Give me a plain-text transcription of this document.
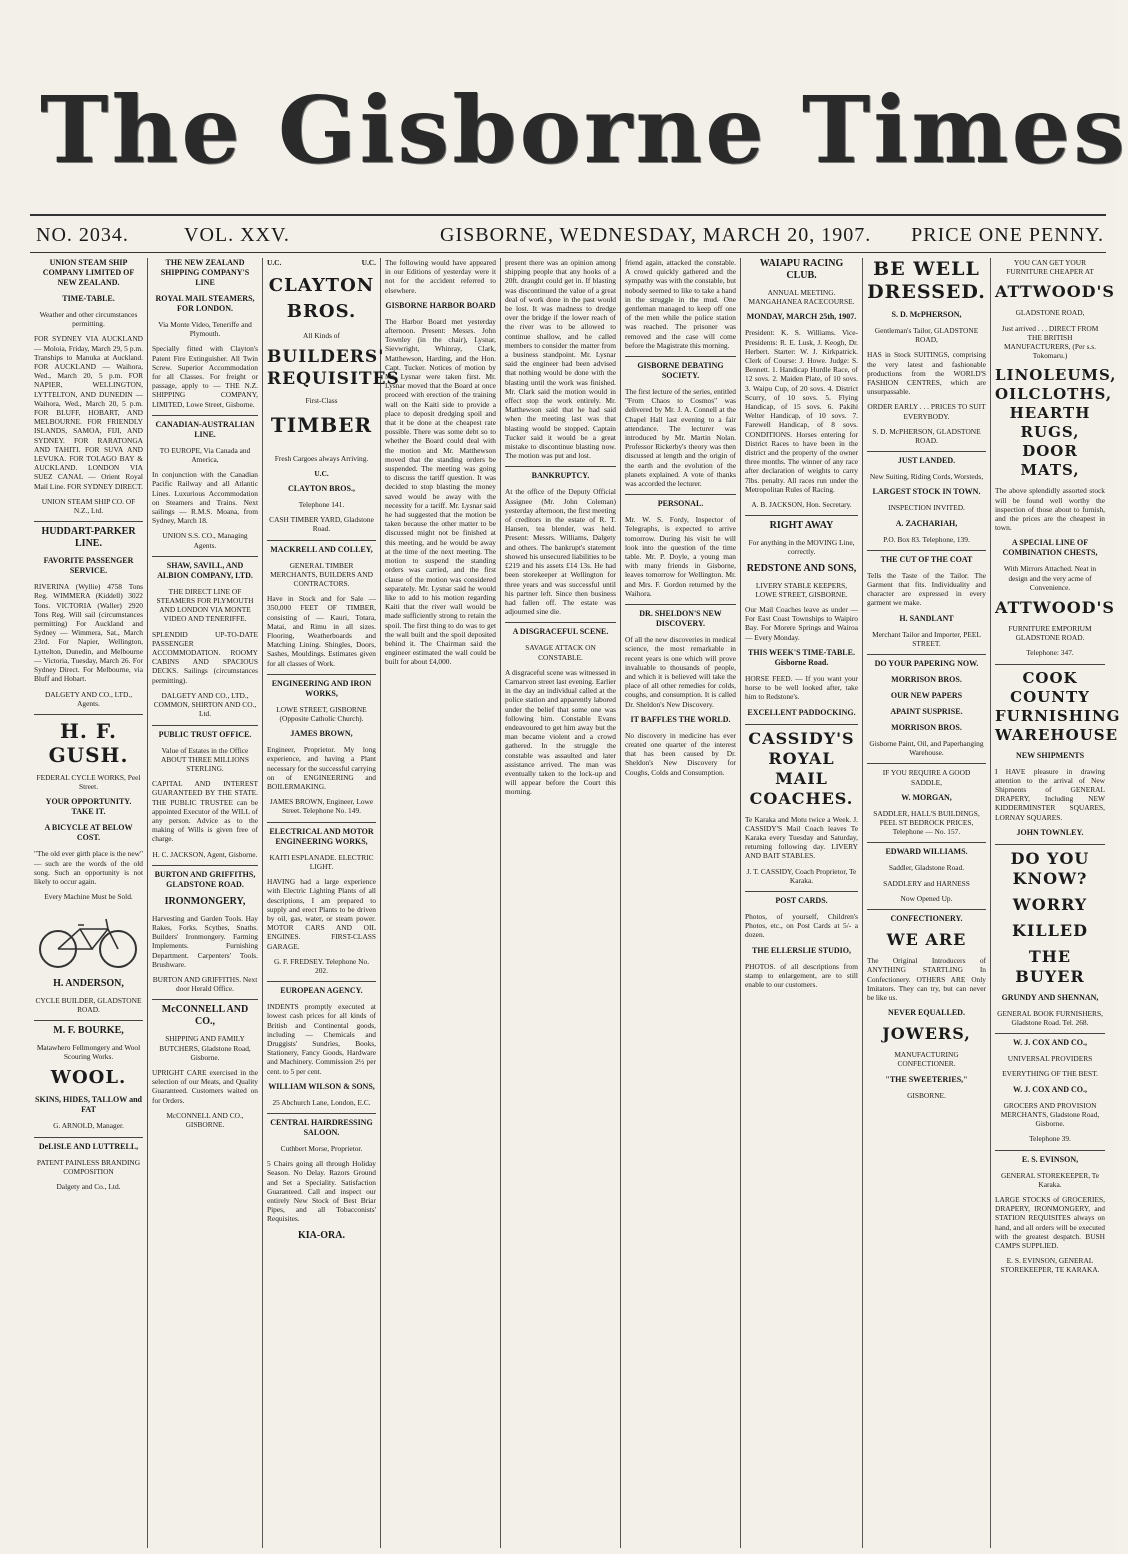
The Gisborne Times
NO. 2034.	VOL. XXV.	GISBORNE, WEDNESDAY, MARCH 20, 1907. PRICE ONE PENNY.
UNION STEAM SHIP COMPANY LIMITED OF NEW ZEALAND.
TIME-TABLE.
Weather and other circumstances permitting.
FOR SYDNEY VIA AUCKLAND — Moloia, Friday, March 29, 5 p.m. Tranships to Manuka at Auckland. FOR AUCKLAND — Waihora, Wed., March 20, 5 p.m. FOR NAPIER, WELLINGTON, LYTTELTON, AND DUNEDIN — Waihora, Wed., March 20, 5 p.m. FOR BLUFF, HOBART, AND MELBOURNE. FOR FRIENDLY ISLANDS, SAMOA, FIJI, AND SYDNEY. FOR RARATONGA AND TAHITI. FOR SUVA AND LEVUKA. FOR TOLAGO BAY & AUCKLAND. LONDON VIA SUEZ CANAL — Orient Royal Mail Line. FOR SYDNEY DIRECT.
UNION STEAM SHIP CO. OF N.Z., Ltd.
HUDDART-PARKER LINE.
FAVORITE PASSENGER SERVICE.
RIVERINA (Wyllie) 4758 Tons Reg. WIMMERA (Kiddell) 3022 Tons. VICTORIA (Waller) 2920 Tons Reg. Will sail (circumstances permitting) For Auckland and Sydney — Wimmera, Sat., March 23rd. For Napier, Wellington, Lyttelton, Dunedin, and Melbourne — Victoria, Tuesday, March 26. For Sydney Direct. For Melbourne, via Bluff and Hobart.
DALGETY AND CO., LTD., Agents.
H. F. GUSH.
FEDERAL CYCLE WORKS, Peel Street.
YOUR OPPORTUNITY. TAKE IT.
A BICYCLE AT BELOW COST.
"The old ever girth place is the new" — such are the words of the old song. Such an opportunity is not likely to occur again.
Every Machine Must be Sold.
H. ANDERSON,
CYCLE BUILDER, GLADSTONE ROAD.
M. F. BOURKE,
Matawhero Fellmongery and Wool Scouring Works.
WOOL.
SKINS, HIDES, TALLOW and FAT
G. ARNOLD, Manager.
DeLISLE AND LUTTRELL,
PATENT PAINLESS BRANDING COMPOSITION
Dalgety and Co., Ltd.
THE NEW ZEALAND SHIPPING COMPANY'S LINE
ROYAL MAIL STEAMERS, FOR LONDON.
Via Monte Video, Teneriffe and Plymouth.
Specially fitted with Clayton's Patent Fire Extinguisher. All Twin Screw. Superior Accommodation for all Classes. For freight or passage, apply to — THE N.Z. SHIPPING COMPANY, LIMITED, Lowe Street, Gisborne.
CANADIAN-AUSTRALIAN LINE.
TO EUROPE, Via Canada and America,
In conjunction with the Canadian Pacific Railway and all Atlantic Lines. Luxurious Accommodation on Steamers and Trains. Next sailings — R.M.S. Moana, from Sydney, March 18.
UNION S.S. CO., Managing Agents.
SHAW, SAVILL, AND ALBION COMPANY, LTD.
THE DIRECT LINE OF STEAMERS FOR PLYMOUTH AND LONDON VIA MONTE VIDEO AND TENERIFFE.
SPLENDID UP-TO-DATE PASSENGER ACCOMMODATION. ROOMY CABINS AND SPACIOUS DECKS. Sailings (circumstances permitting).
DALGETY AND CO., LTD., COMMON, SHIRTON AND CO., Ltd.
PUBLIC TRUST OFFICE.
Value of Estates in the Office ABOUT THREE MILLIONS STERLING.
CAPITAL AND INTEREST GUARANTEED BY THE STATE. THE PUBLIC TRUSTEE can be appointed Executor of the WILL of any person. Advice as to the making of Wills is given free of charge.
H. C. JACKSON, Agent, Gisborne.
BURTON AND GRIFFITHS, GLADSTONE ROAD.
IRONMONGERY,
Harvesting and Garden Tools. Hay Rakes, Forks. Scythes, Snaths. Builders' Ironmongery. Farming Implements. Furnishing Department. Carpenters' Tools. Brushware.
BURTON AND GRIFFITHS. Next door Herald Office.
McCONNELL AND CO.,
SHIPPING AND FAMILY BUTCHERS, Gladstone Road, Gisborne.
UPRIGHT CARE exercised in the selection of our Meats, and Quality Guaranteed. Customers waited on for Orders.
McCONNELL AND CO., GISBORNE.
U.C.	U.C.
CLAYTON BROS.
All Kinds of
BUILDERS' REQUISITES
First-Class
TIMBER
Fresh Cargoes always Arriving.
U.C.
CLAYTON BROS.,
Telephone 141.
CASH TIMBER YARD, Gladstone Road.
MACKRELL AND COLLEY,
GENERAL TIMBER MERCHANTS, BUILDERS AND CONTRACTORS.
Have in Stock and for Sale — 350,000 FEET OF TIMBER, consisting of — Kauri, Totara, Matai, and Rimu in all sizes. Flooring, Weatherboards and Matching Lining. Shingles, Doors, Sashes, Mouldings. Estimates given for all classes of Work.
ENGINEERING AND IRON WORKS,
LOWE STREET, GISBORNE (Opposite Catholic Church).
JAMES BROWN,
Engineer, Proprietor. My long experience, and having a Plant necessary for the successful carrying on of ENGINEERING and BOILERMAKING.
JAMES BROWN, Engineer, Lowe Street. Telephone No. 149.
ELECTRICAL AND MOTOR ENGINEERING WORKS,
KAITI ESPLANADE. ELECTRIC LIGHT.
HAVING had a large experience with Electric Lighting Plants of all descriptions, I am prepared to supply and erect Plants to be driven by oil, gas, water, or steam power. MOTOR CARS AND OIL ENGINES. FIRST-CLASS GARAGE.
G. F. FREDSEY. Telephone No. 202.
EUROPEAN AGENCY.
INDENTS promptly executed at lowest cash prices for all kinds of British and Continental goods, including — Chemicals and Druggists' Sundries, Books, Stationery, Fancy Goods, Hardware and Machinery. Commission 2½ per cent. to 5 per cent.
WILLIAM WILSON & SONS,
25 Abchurch Lane, London, E.C.
CENTRAL HAIRDRESSING SALOON.
Cuthbert Morse, Proprietor.
5 Chairs going all through Holiday Season. No Delay. Razors Ground and Set a Speciality. Satisfaction Guaranteed. Call and inspect our entirely New Stock of Best Briar Pipes, and all Tobacconists' Requisites.
KIA-ORA.
The following would have appeared in our Editions of yesterday were it not for the accident referred to elsewhere.
GISBORNE HARBOR BOARD
The Harbor Board met yesterday afternoon. Present: Messrs. John Townley (in the chair), Lysnar, Sievwright, Whinray, Clark, Matthewson, Harding, and the Hon. Capt. Tucker. Notices of motion by Mr. Lysnar were taken first. Mr. Lysnar moved that the Board at once proceed with erection of the training wall on the Kaiti side to provide a place to deposit dredging spoil and that it be done at the cheapest rate possible. There was some debt so to whether the Board could deal with the motion and Mr. Matthewson moved that the standing orders be suspended. The meeting was going to discuss the tariff question. It was decided to stop blasting the money saved would be away with the necessity for a tariff. Mr. Lysnar said he had suggested that the motion be taken because the other matter to be discussed might not be finished at this meeting, and he would be away at the time of the next meeting. The motion to suspend the standing orders was carried, and the first clause of the motion was considered separately. Mr. Lysnar said he would like to add to his motion regarding Kaiti that the river wall would be made sufficiently strong to retain the spoil. The first thing to do was to get the wall built and the spoil deposited behind it. The Chairman said the engineer estimated the wall could be built for about £4,000.
present there was an opinion among shipping people that any hooks of a 20ft. draught could get in. If blasting was discontinued the value of a great deal of work done in the past would be lost. It was madness to dredge over the bridge if the lower reach of the river was to be allowed to continue shallow, and he called members to consider the matter from a business standpoint. Mr. Lysnar said the engineer had been advised that nothing would be done with the blasting until the work was finished. Mr. Clark said the motion would in effect stop the work entirely. Mr. Matthewson said that he had said when the meeting last was that blasting would be stopped. Captain Tucker said it would be a great mistake to discontinue blasting now. The motion was put and lost.
BANKRUPTCY.
At the office of the Deputy Official Assignee (Mr. John Coleman) yesterday afternoon, the first meeting of creditors in the estate of R. T. Hansen, tea blender, was held. Present: Messrs. Williams, Dalgety and others. The bankrupt's statement showed his unsecured liabilities to be £219 and his assets £14 13s. He had been storekeeper at Wellington for three years and was successful until his partner left. Since then business had fallen off. The estate was adjourned sine die.
A DISGRACEFUL SCENE.
SAVAGE ATTACK ON CONSTABLE.
A disgraceful scene was witnessed in Carnarvon street last evening. Earlier in the day an individual called at the police station and apparently labored under the belief that some one was following him. Constable Evans endeavoured to get him away but the man became violent and a crowd gathered. In the struggle the constable was assaulted and later assistance arrived. The man was eventually taken to the lock-up and will appear before the Court this morning.
friend again, attacked the constable. A crowd quickly gathered and the sympathy was with the constable, but nobody seemed to like to take a hand in the struggle in the mud. One gentleman managed to keep off one of the men while the police station was reached. The prisoner was removed and the case will come before the Magistrate this morning.
GISBORNE DEBATING SOCIETY.
The first lecture of the series, entitled "From Chaos to Cosmos" was delivered by Mr. J. A. Connell at the Chapel Hall last evening to a fair attendance. The lecturer was introduced by Mr. Martin Nolan. Professor Rickerby's theory was then discussed at length and the origin of the earth and the evolution of the planets explained. A vote of thanks was accorded the lecturer.
PERSONAL.
Mr. W. S. Fordy, Inspector of Telegraphs, is expected to arrive tomorrow. During his visit he will look into the question of the time table. Mr. P. Doyle, a young man with many friends in Gisborne, leaves tomorrow for Wellington. Mr. and Mrs. F. Gordon returned by the Waihora.
DR. SHELDON'S NEW DISCOVERY.
Of all the new discoveries in medical science, the most remarkable in recent years is one which will prove invaluable to thousands of people, and which it is believed will take the place of all other remedies for colds, coughs, and consumption. It is called Dr. Sheldon's New Discovery.
IT BAFFLES THE WORLD.
No discovery in medicine has ever created one quarter of the interest that has been caused by Dr. Sheldon's New Discovery for Coughs, Colds and Consumption.
WAIAPU RACING CLUB.
ANNUAL MEETING. MANGAHANEA RACECOURSE.
MONDAY, MARCH 25th, 1907.
President: K. S. Williams. Vice-Presidents: R. E. Lusk, J. Keogh, Dr. Herbert. Starter: W. J. Kirkpatrick. Clerk of Course: J. Howe. Judge: S. Bennett. 1. Handicap Hurdle Race, of 12 sovs. 2. Maiden Plate, of 10 sovs. 3. Waipu Cup, of 20 sovs. 4. District Scurry, of 10 sovs. 5. Flying Handicap, of 15 sovs. 6. Pakihi Welter Handicap, of 10 sovs. 7. Farewell Handicap, of 8 sovs. CONDITIONS. Horses entering for District Races to have been in the district and the property of the owner three months. The winner of any race after declaration of weights to carry 7lbs. penalty. All races run under the Metropolitan Rules of Racing.
A. B. JACKSON, Hon. Secretary.
RIGHT AWAY
For anything in the MOVING Line, correctly.
REDSTONE AND SONS,
LIVERY STABLE KEEPERS, LOWE STREET, GISBORNE.
Our Mail Coaches leave as under — For East Coast Townships to Waipiro Bay. For Morere Springs and Wairoa — Every Monday.
THIS WEEK'S TIME-TABLE. Gisborne Road.
HORSE FEED. — If you want your horse to be well looked after, take him to Redstone's.
EXCELLENT PADDOCKING.
CASSIDY'S ROYAL MAIL COACHES.
Te Karaka and Motu twice a Week. J. CASSIDY'S Mail Coach leaves Te Karaka every Tuesday and Saturday, returning following day. LIVERY AND BAIT STABLES.
J. T. CASSIDY, Coach Proprietor, Te Karaka.
POST CARDS.
Photos, of yourself, Children's Photos, etc., on Post Cards at 5/- a dozen.
THE ELLERSLIE STUDIO,
PHOTOS. of all descriptions from stamp to enlargement, are to still enable to our customers.
BE WELL DRESSED.
S. D. McPHERSON,
Gentleman's Tailor, GLADSTONE ROAD,
HAS in Stock SUITINGS, comprising the very latest and fashionable productions from the WORLD'S FASHION CENTRES, which are unsurpassable.
ORDER EARLY . . . PRICES TO SUIT EVERYBODY.
S. D. McPHERSON, GLADSTONE ROAD.
JUST LANDED.
New Suiting, Riding Cords, Worsteds,
LARGEST STOCK IN TOWN.
INSPECTION INVITED.
A. ZACHARIAH,
P.O. Box 83. Telephone, 139.
THE CUT OF THE COAT
Tells the Taste of the Tailor. The Garment that fits. Individuality and character are expressed in every garment we make.
H. SANDLANT
Merchant Tailor and Importer, PEEL STREET.
DO YOUR PAPERING NOW.
MORRISON BROS.
OUR NEW PAPERS
APAINT SUSPRISE.
MORRISON BROS.
Gisborne Paint, Oil, and Paperhanging Warehouse.
IF YOU REQUIRE A GOOD SADDLE,
W. MORGAN,
SADDLER, HALL'S BUILDINGS, PEEL ST BEDROCK PRICES, Telephone — No. 157.
EDWARD WILLIAMS.
Saddler, Gladstone Road.
SADDLERY and HARNESS
Now Opened Up.
CONFECTIONERY.
WE ARE
The Original Introducers of ANYTHING STARTLING In Confectionery. OTHERS ARE Only Imitators. They can try, but can never be like us.
NEVER EQUALLED.
JOWERS,
MANUFACTURING CONFECTIONER.
"THE SWEETERIES,"
GISBORNE.
YOU CAN GET YOUR FURNITURE CHEAPER AT
ATTWOOD'S
GLADSTONE ROAD,
Just arrived . . . DIRECT FROM THE BRITISH MANUFACTURERS, (Per s.s. Tokomaru.)
LINOLEUMS, OILCLOTHS, HEARTH RUGS, DOOR MATS,
The above splendidly assorted stock will be found well worthy the inspection of those about to furnish, and the prices are the cheapest in town.
A SPECIAL LINE OF COMBINATION CHESTS,
With Mirrors Attached. Neat in design and the very acme of Convenience.
ATTWOOD'S
FURNITURE EMPORIUM GLADSTONE ROAD.
Telephone: 347.
COOK COUNTY FURNISHING WAREHOUSE
NEW SHIPMENTS
I HAVE pleasure in drawing attention to the arrival of New Shipments of GENERAL DRAPERY, Including NEW KIDDERMINSTER SQUARES, LORNAY SQUARES.
JOHN TOWNLEY.
DO YOU KNOW?
WORRY
KILLED
THE BUYER
GRUNDY AND SHENNAN,
GENERAL BOOK FURNISHERS, Gladstone Road. Tel. 268.
W. J. COX AND CO.,
UNIVERSAL PROVIDERS
EVERYTHING OF THE BEST.
W. J. COX AND CO.,
GROCERS AND PROVISION MERCHANTS, Gladstone Road, Gisborne.
Telephone 39.
E. S. EVINSON,
GENERAL STOREKEEPER, Te Karaka.
LARGE STOCKS of GROCERIES, DRAPERY, IRONMONGERY, and STATION REQUISITES always on hand, and all orders will be executed with the greatest despatch. BUSH CAMPS SUPPLIED.
E. S. EVINSON, GENERAL STOREKEEPER, TE KARAKA.
